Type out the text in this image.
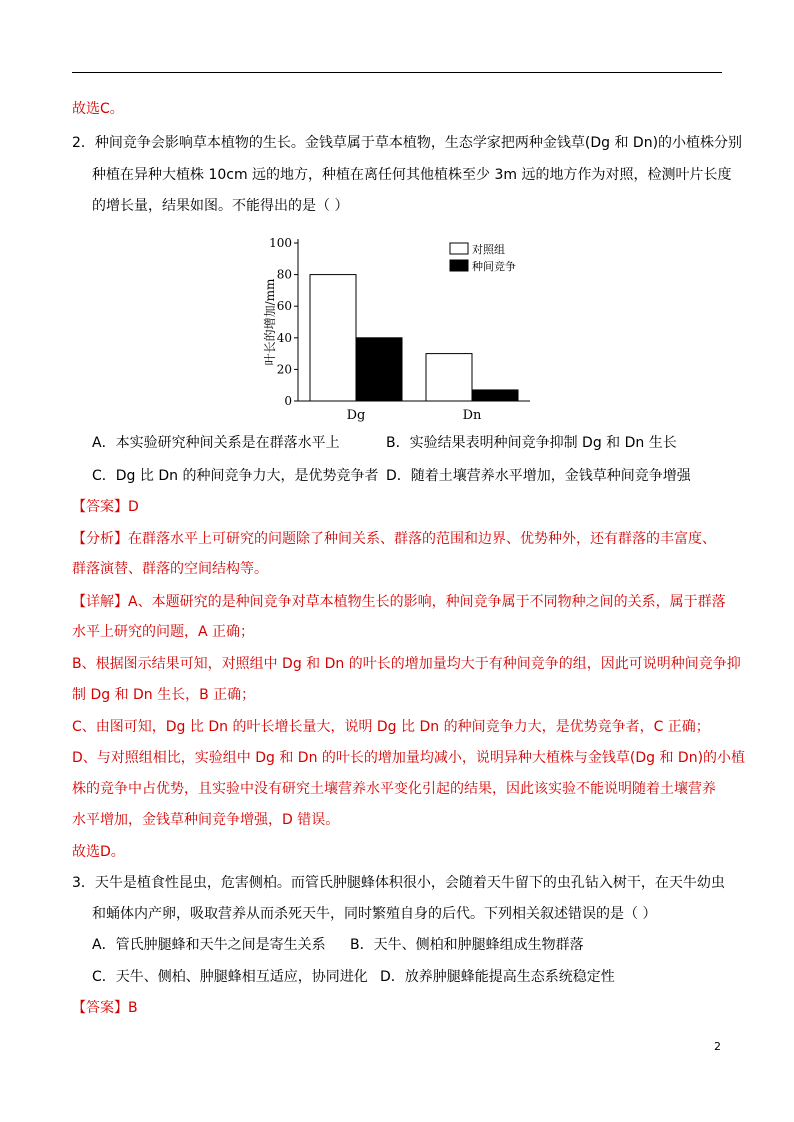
故选C。
2．种间竞争会影响草本植物的生长。金钱草属于草本植物，生态学家把两种金钱草(Dg 和 Dn)的小植株分别
种植在异种大植株 10cm 远的地方，种植在离任何其他植株至少 3m 远的地方作为对照，检测叶片长度
的增长量，结果如图。不能得出的是（ ）
0
20
40
60
80
100
叶长的增加/mm
Dg	Dn
对照组
种间竞争
A．本实验研究种间关系是在群落水平上	B．实验结果表明种间竞争抑制 Dg 和 Dn 生长
C．Dg 比 Dn 的种间竞争力大，是优势竞争者 D．随着土壤营养水平增加，金钱草种间竞争增强
【答案】D
【分析】在群落水平上可研究的问题除了种间关系、群落的范围和边界、优势种外，还有群落的丰富度、
群落演替、群落的空间结构等。
【详解】A、本题研究的是种间竞争对草本植物生长的影响，种间竞争属于不同物种之间的关系，属于群落
水平上研究的问题，A 正确；
B、根据图示结果可知，对照组中 Dg 和 Dn 的叶长的增加量均大于有种间竞争的组，因此可说明种间竞争抑
制 Dg 和 Dn 生长，B 正确；
C、由图可知，Dg 比 Dn 的叶长增长量大，说明 Dg 比 Dn 的种间竞争力大，是优势竞争者，C 正确；
D、与对照组相比，实验组中 Dg 和 Dn 的叶长的增加量均减小，说明异种大植株与金钱草(Dg 和 Dn)的小植
株的竞争中占优势，且实验中没有研究土壤营养水平变化引起的结果，因此该实验不能说明随着土壤营养
水平增加，金钱草种间竞争增强，D 错误。
故选D。
3．天牛是植食性昆虫，危害侧柏。而管氏肿腿蜂体积很小，会随着天牛留下的虫孔钻入树干，在天牛幼虫
和蛹体内产卵，吸取营养从而杀死天牛，同时繁殖自身的后代。下列相关叙述错误的是（ ）
A．管氏肿腿蜂和天牛之间是寄生关系 B．天牛、侧柏和肿腿蜂组成生物群落
C．天牛、侧柏、肿腿蜂相互适应，协同进化 D．放养肿腿蜂能提高生态系统稳定性
【答案】B
2
